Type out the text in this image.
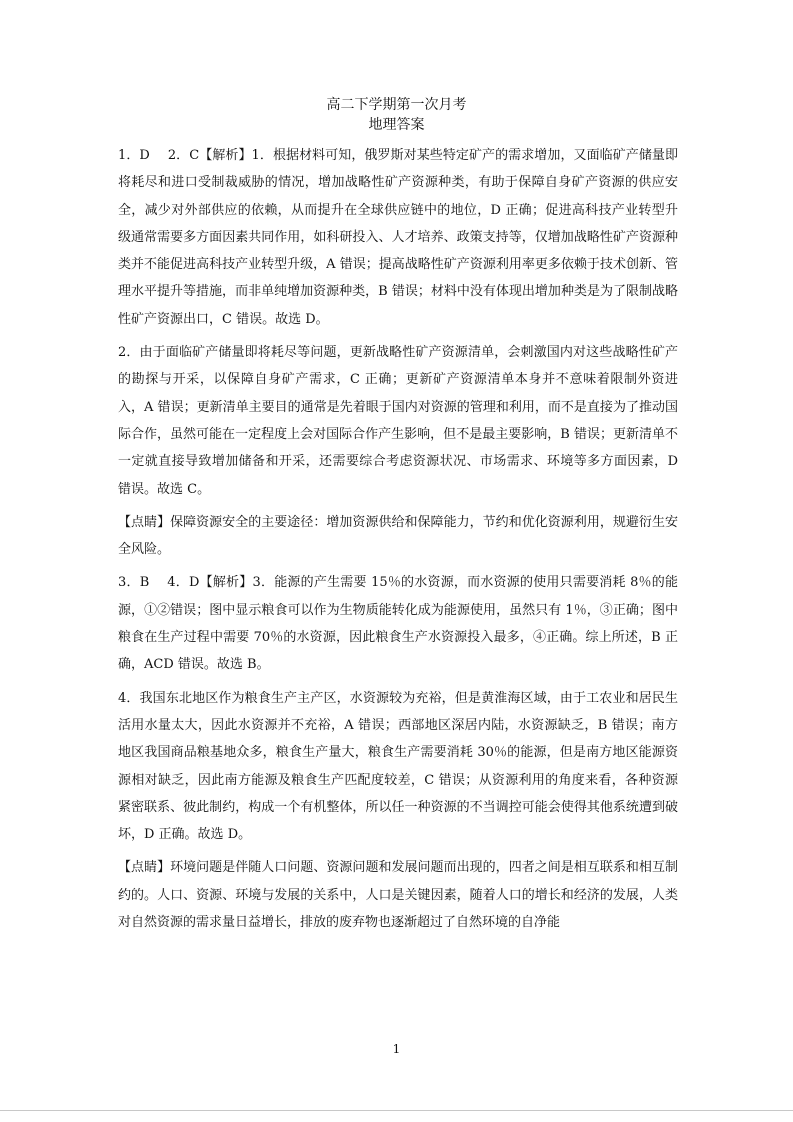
高二下学期第一次月考
地理答案

1．D 2．C【解析】1．根据材料可知，俄罗斯对某些特定矿产的需求增加，又面临矿产储量即将耗尽和进口受制裁威胁的情况，增加战略性矿产资源种类，有助于保障自身矿产资源的供应安全，减少对外部供应的依赖，从而提升在全球供应链中的地位，D 正确；促进高科技产业转型升级通常需要多方面因素共同作用，如科研投入、人才培养、政策支持等，仅增加战略性矿产资源种类并不能促进高科技产业转型升级，A 错误；提高战略性矿产资源利用率更多依赖于技术创新、管理水平提升等措施，而非单纯增加资源种类，B 错误；材料中没有体现出增加种类是为了限制战略性矿产资源出口，C 错误。故选 D。

2．由于面临矿产储量即将耗尽等问题，更新战略性矿产资源清单，会刺激国内对这些战略性矿产的勘探与开采，以保障自身矿产需求，C 正确；更新矿产资源清单本身并不意味着限制外资进入，A 错误；更新清单主要目的通常是先着眼于国内对资源的管理和利用，而不是直接为了推动国际合作，虽然可能在一定程度上会对国际合作产生影响，但不是最主要影响，B 错误；更新清单不一定就直接导致增加储备和开采，还需要综合考虑资源状况、市场需求、环境等多方面因素，D 错误。故选 C。

【点睛】保障资源安全的主要途径：增加资源供给和保障能力，节约和优化资源利用，规避衍生安全风险。

3．B 4．D【解析】3．能源的产生需要 15％的水资源，而水资源的使用只需要消耗 8％的能源，①②错误；图中显示粮食可以作为生物质能转化成为能源使用，虽然只有 1％，③正确；图中粮食在生产过程中需要 70％的水资源，因此粮食生产水资源投入最多，④正确。综上所述，B 正确，ACD 错误。故选 B。

4．我国东北地区作为粮食生产主产区，水资源较为充裕，但是黄淮海区域，由于工农业和居民生活用水量太大，因此水资源并不充裕，A 错误；西部地区深居内陆，水资源缺乏，B 错误；南方地区我国商品粮基地众多，粮食生产量大，粮食生产需要消耗 30％的能源，但是南方地区能源资源相对缺乏，因此南方能源及粮食生产匹配度较差，C 错误；从资源利用的角度来看，各种资源紧密联系、彼此制约，构成一个有机整体，所以任一种资源的不当调控可能会使得其他系统遭到破坏，D 正确。故选 D。

【点睛】环境问题是伴随人口问题、资源问题和发展问题而出现的，四者之间是相互联系和相互制约的。人口、资源、环境与发展的关系中，人口是关键因素，随着人口的增长和经济的发展，人类对自然资源的需求量日益增长，排放的废弃物也逐渐超过了自然环境的自净能

1
